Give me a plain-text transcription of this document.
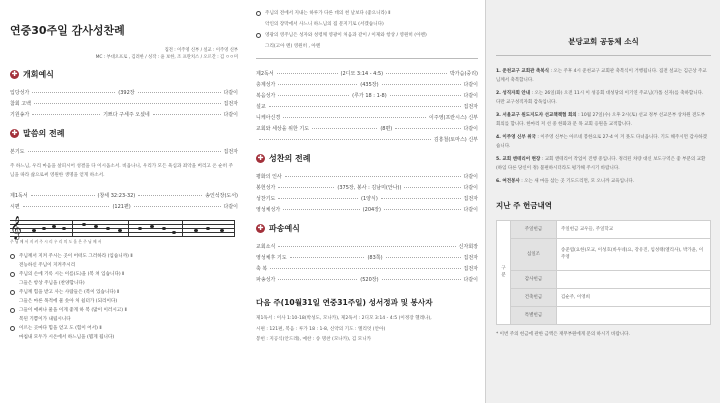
연중30주일 감사성찬례
집전 : 이주영 신부 / 설교 : 이주영 신부
MC : 부대오프로 , 김려한 / 성작 : 윤 보한, 조 프란치스 / 오르간 : 김 ㅇㅇ미
✚ 개회예식
입당성가	(392장	다같이
참회 고백	집전자
기원송가	기쁘다 구세주 오셨네	다같이
✚ 말씀의 전례
본기도	집전자
주 하느님, 우리 마음을 살피시어 성결을 다 이시옵소서. 비옵나니, 우리가 모든 욕심과 죄악을 버리고 온 순히 주님을 따라 삶으로써 영원한 생명을 얻게 하소서.
제1독서	(창세 32:23-32)	송인석장(도서)
시편	(121편)	다같이
𝄞
주 님 께 서 지 켜 주 시 리 우 리 의 도 움 은 주 님 께 서
주님께서 지켜 주시는 곳이 어떠도 그러하라 (입습니까) Ⅱ
전능하신 주님이 지켜주시리
주님의 손에 기록 시는 이름(도)을 (복 쳐 입습니다) Ⅱ
그들은 항상 주님을 (찬양합니다)
주님께 힘을 받고 사는 사람들은 (복이 있습니다) Ⅱ
그들은 마른 목적에 물 솟아 처 쉼터가 (되리이다)
그들이 애써나 물을 이게 좋게 하 복 (많이 이러시고) Ⅱ
복된 기쁨이가 내립시니다
이르는 곳마다 힘을 얻고 도 (힘이 어서) Ⅱ
마침내 모두가 시온에서 하느님을 (뵙게 됩니다)
주님의 전에서 지내는 하루가 다른 데의 천 날보다 (좋으니라) Ⅱ
악인의 장막에서 사느니 하느님의 집 문지기로 (서겠습니다)
영광의 영주님은 성자와 성령께 영광이 처음과 같이 / 이제와 항상 / 영원히 (아멘)
그리(고아 멘) 영원히 , 아멘
제2독서	(2디모 3:14 - 4:5)	박가슴(중리)
층계성가	(435장)	다같이
복음성가	(루가 18 : 1-8)	다같이
설교	집전자
니케아신경	이주영(프란시스) 신부
교회와 세상을 위한 기도	(8편)	다같이
김흥철(토마스) 신부
✚ 성찬의 전례
평화의 인사	다같이
봉헌성가	(375장, 봉사 : 김남미(안나))	다같이
성찬기도	(1양식)	집전자
영성체성가	(204장)	다같이
✚ 파송예식
교회소식	신자회장
영성체후 기도	(83쪽)	집전자
축 복	집전자
파송성가	(520장)	다같이
다음 주(10월31일 연중31주일) 성서정과 및 봉사자
제1독서 : 이사 1:10-18(박성도, 모나카), 제2독서 : 2디모 3:14 - 4:5 (이정장 헬레나),
시편 : 121편, 복음 : 루가 18 : 1-8, 신약의 기도 : 엘리엇 (안아)
봉헌 : 지공식(안드레), 예찬 : 송 명찬 (모나카), 김 모니카
분당교회 공동체 소식
1. 준천교구 교회관 축복식 : 오는 주후 4시 준천교구 교회관 축복식이 거행됩니다. 집전 설교는 김근상 주교님께서 축복합니다.
2. 성직자회 안내 : 오는 26일(화) 오전 11시 이 성공회 대성당의 이기연 주교님(가톨 신자)를 축하합니다. 다만 교구성직자회 감독입니다.
3. 서울교구 원도지도자 선교책책협 회의 : 10월 27일(수) 오후 2시(토) 선교 정부 선교본부 상차원 전도부 회의를 합니다. 한마리 저 선 중 한화과 문 목 교회 응원을 교적합니다.
4. 이주영 신부 위국 : 이주영 신부는 아르네 봉한요로 27-4 이 겨 못도 다녀옵니다. 기도 해주시면 감사하겠습니다.
5. 교회 앤테리어 현장 : 교회 앤테리어 작업이 진행 중입니다. 정리된 차량 대신 보도구역은 좋 부분의 교환 (하임 다른 당신이 정) 불편하시더라도 평가해 주시기 바랍니다.
6. 여전봉사 : 오는 새 마을 삼는 곳 기도드리면, 모 오니까 교육입니다.
지난 주 헌금내역
구분	주일헌금	주일헌금 교우들, 주일학교
	십일조	송준엽(요한)모교, 이성호(바우네)요, 강유진, 임성태(엘리사), 박가윤, 이주영
	감사헌금	
	건축헌금	김순주, 이영희
	특별헌금	
* 이번 주의 헌금에 관한 금액은 재무부원에게 문의 하시기 바랍니다.
